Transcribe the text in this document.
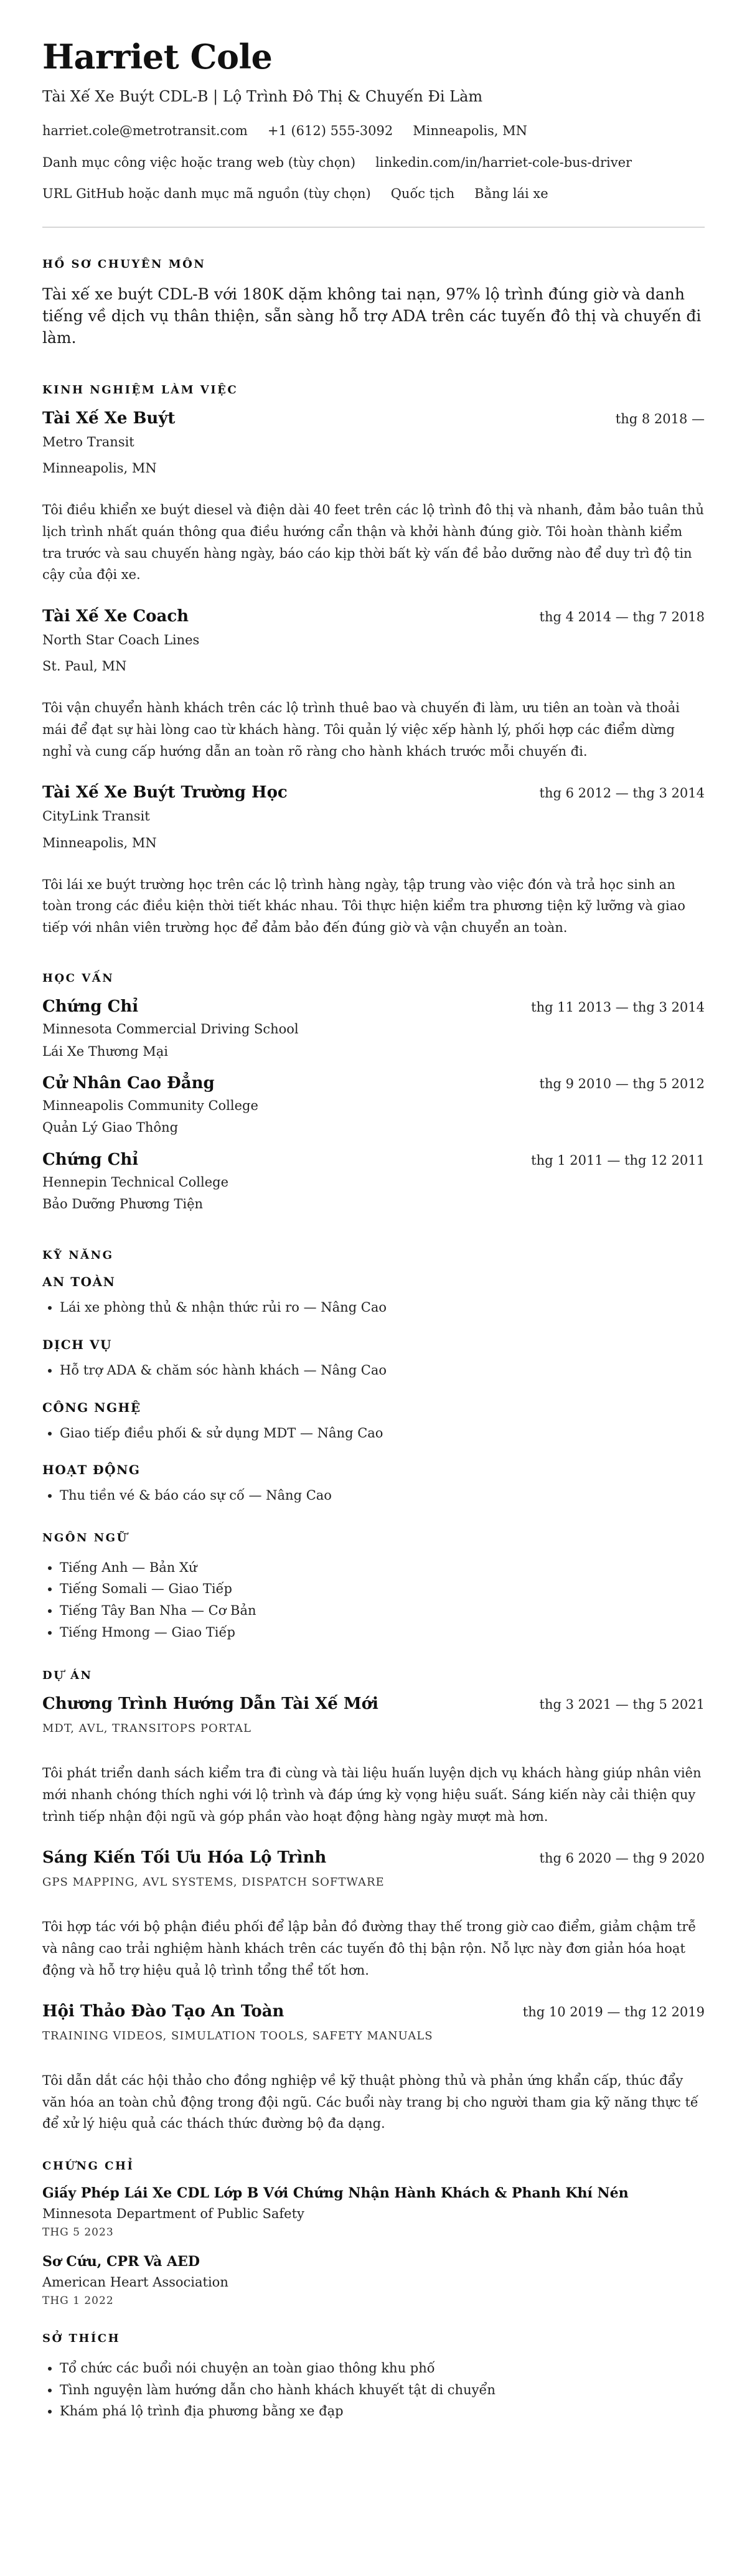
Harriet Cole
Tài Xế Xe Buýt CDL-B | Lộ Trình Đô Thị & Chuyến Đi Làm
harriet.cole@metrotransit.com +1 (612) 555-3092 Minneapolis, MN
Danh mục công việc hoặc trang web (tùy chọn) linkedin.com/in/harriet-cole-bus-driver
URL GitHub hoặc danh mục mã nguồn (tùy chọn) Quốc tịch Bằng lái xe
HỒ SƠ CHUYÊN MÔN
Tài xế xe buýt CDL-B với 180K dặm không tai nạn, 97% lộ trình đúng giờ và danh tiếng về dịch vụ thân thiện, sẵn sàng hỗ trợ ADA trên các tuyến đô thị và chuyến đi làm.
KINH NGHIỆM LÀM VIỆC
Tài Xế Xe Buýt	thg 8 2018 —
Metro Transit
Minneapolis, MN
Tôi điều khiển xe buýt diesel và điện dài 40 feet trên các lộ trình đô thị và nhanh, đảm bảo tuân thủ lịch trình nhất quán thông qua điều hướng cẩn thận và khởi hành đúng giờ. Tôi hoàn thành kiểm tra trước và sau chuyến hàng ngày, báo cáo kịp thời bất kỳ vấn đề bảo dưỡng nào để duy trì độ tin cậy của đội xe.
Tài Xế Xe Coach	thg 4 2014 — thg 7 2018
North Star Coach Lines
St. Paul, MN
Tôi vận chuyển hành khách trên các lộ trình thuê bao và chuyến đi làm, ưu tiên an toàn và thoải mái để đạt sự hài lòng cao từ khách hàng. Tôi quản lý việc xếp hành lý, phối hợp các điểm dừng nghỉ và cung cấp hướng dẫn an toàn rõ ràng cho hành khách trước mỗi chuyến đi.
Tài Xế Xe Buýt Trường Học	thg 6 2012 — thg 3 2014
CityLink Transit
Minneapolis, MN
Tôi lái xe buýt trường học trên các lộ trình hàng ngày, tập trung vào việc đón và trả học sinh an toàn trong các điều kiện thời tiết khác nhau. Tôi thực hiện kiểm tra phương tiện kỹ lưỡng và giao tiếp với nhân viên trường học để đảm bảo đến đúng giờ và vận chuyển an toàn.
HỌC VẤN
Chứng Chỉ	thg 11 2013 — thg 3 2014
Minnesota Commercial Driving School
Lái Xe Thương Mại
Cử Nhân Cao Đẳng	thg 9 2010 — thg 5 2012
Minneapolis Community College
Quản Lý Giao Thông
Chứng Chỉ	thg 1 2011 — thg 12 2011
Hennepin Technical College
Bảo Dưỡng Phương Tiện
KỸ NĂNG
AN TOÀN
• Lái xe phòng thủ & nhận thức rủi ro — Nâng Cao
DỊCH VỤ
• Hỗ trợ ADA & chăm sóc hành khách — Nâng Cao
CÔNG NGHỆ
• Giao tiếp điều phối & sử dụng MDT — Nâng Cao
HOẠT ĐỘNG
• Thu tiền vé & báo cáo sự cố — Nâng Cao
NGÔN NGỮ
• Tiếng Anh — Bản Xứ
• Tiếng Somali — Giao Tiếp
• Tiếng Tây Ban Nha — Cơ Bản
• Tiếng Hmong — Giao Tiếp
DỰ ÁN
Chương Trình Hướng Dẫn Tài Xế Mới	thg 3 2021 — thg 5 2021
MDT, AVL, TRANSITOPS PORTAL
Tôi phát triển danh sách kiểm tra đi cùng và tài liệu huấn luyện dịch vụ khách hàng giúp nhân viên mới nhanh chóng thích nghi với lộ trình và đáp ứng kỳ vọng hiệu suất. Sáng kiến này cải thiện quy trình tiếp nhận đội ngũ và góp phần vào hoạt động hàng ngày mượt mà hơn.
Sáng Kiến Tối Ưu Hóa Lộ Trình	thg 6 2020 — thg 9 2020
GPS MAPPING, AVL SYSTEMS, DISPATCH SOFTWARE
Tôi hợp tác với bộ phận điều phối để lập bản đồ đường thay thế trong giờ cao điểm, giảm chậm trễ và nâng cao trải nghiệm hành khách trên các tuyến đô thị bận rộn. Nỗ lực này đơn giản hóa hoạt động và hỗ trợ hiệu quả lộ trình tổng thể tốt hơn.
Hội Thảo Đào Tạo An Toàn	thg 10 2019 — thg 12 2019
TRAINING VIDEOS, SIMULATION TOOLS, SAFETY MANUALS
Tôi dẫn dắt các hội thảo cho đồng nghiệp về kỹ thuật phòng thủ và phản ứng khẩn cấp, thúc đẩy văn hóa an toàn chủ động trong đội ngũ. Các buổi này trang bị cho người tham gia kỹ năng thực tế để xử lý hiệu quả các thách thức đường bộ đa dạng.
CHỨNG CHỈ
Giấy Phép Lái Xe CDL Lớp B Với Chứng Nhận Hành Khách & Phanh Khí Nén
Minnesota Department of Public Safety
THG 5 2023
Sơ Cứu, CPR Và AED
American Heart Association
THG 1 2022
SỞ THÍCH
• Tổ chức các buổi nói chuyện an toàn giao thông khu phố
• Tình nguyện làm hướng dẫn cho hành khách khuyết tật di chuyển
• Khám phá lộ trình địa phương bằng xe đạp
